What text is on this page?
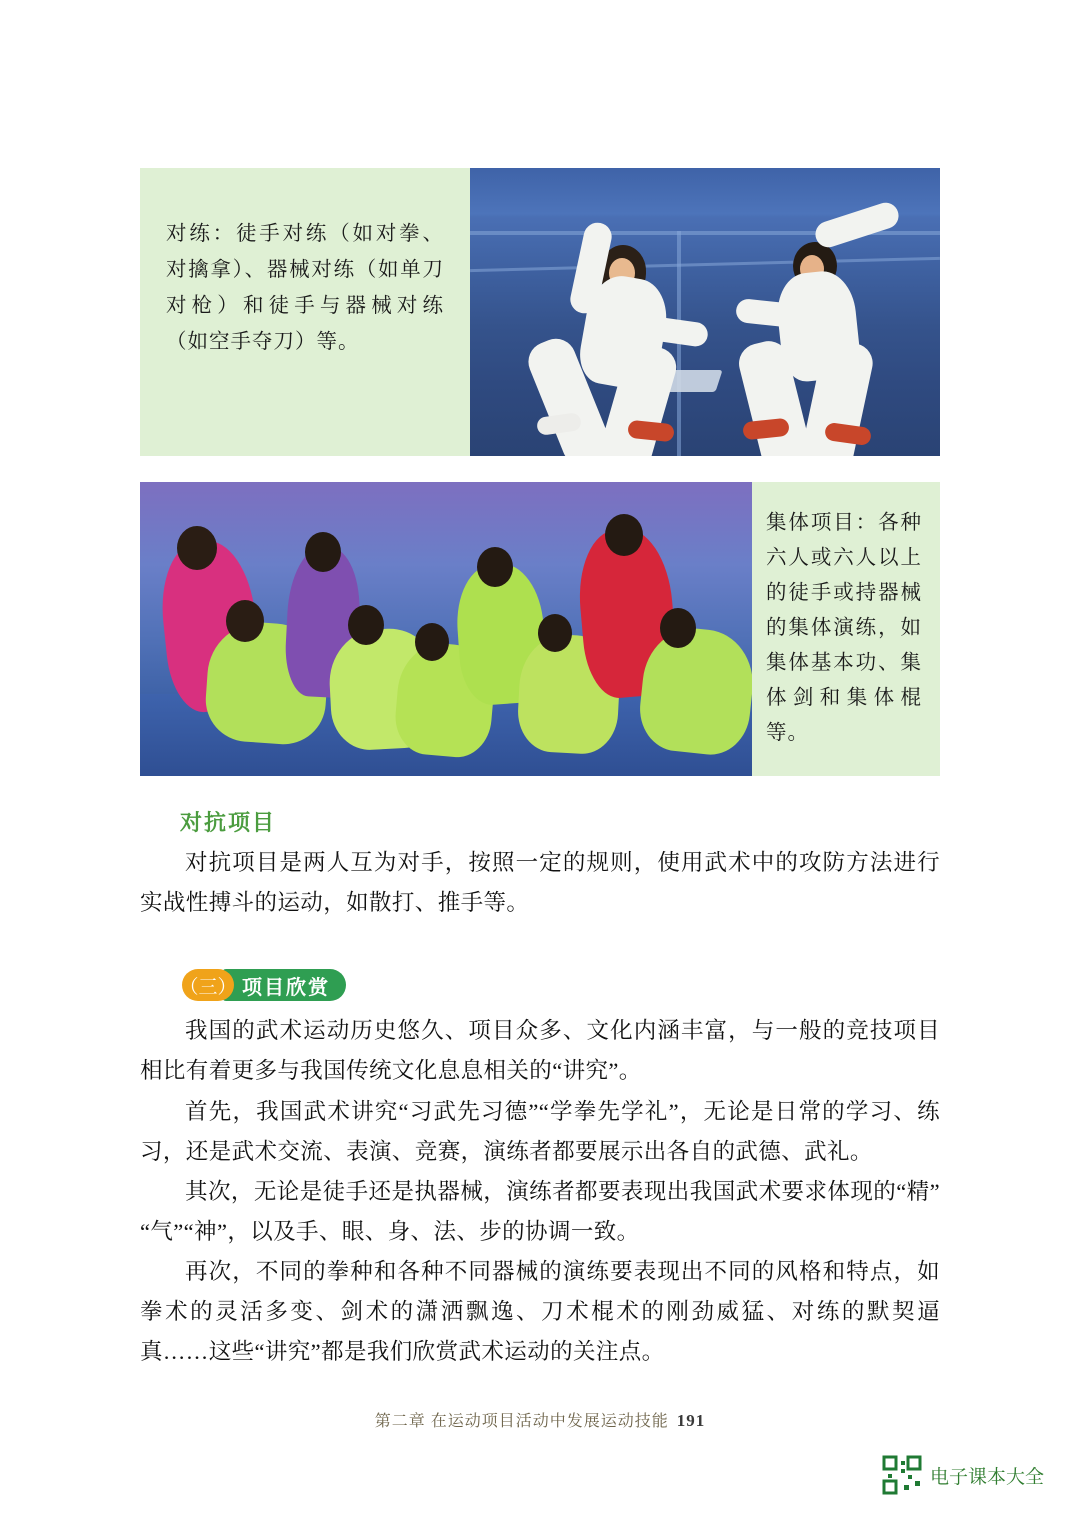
对练：徒手对练（如对拳、对擒拿）、器械对练（如单刀对枪）和徒手与器械对练（如空手夺刀）等。
集体项目：各种六人或六人以上的徒手或持器械的集体演练，如集体基本功、集体剑和集体棍等。
对抗项目
对抗项目是两人互为对手，按照一定的规则，使用武术中的攻防方法进行实战性搏斗的运动，如散打、推手等。
（三） 项目欣赏
我国的武术运动历史悠久、项目众多、文化内涵丰富，与一般的竞技项目相比有着更多与我国传统文化息息相关的“讲究”。
首先，我国武术讲究“习武先习德”“学拳先学礼”，无论是日常的学习、练习，还是武术交流、表演、竞赛，演练者都要展示出各自的武德、武礼。
其次，无论是徒手还是执器械，演练者都要表现出我国武术要求体现的“精”“气”“神”，以及手、眼、身、法、步的协调一致。
再次，不同的拳种和各种不同器械的演练要表现出不同的风格和特点，如拳术的灵活多变、剑术的潇洒飘逸、刀术棍术的刚劲威猛、对练的默契逼真……这些“讲究”都是我们欣赏武术运动的关注点。
第二章 在运动项目活动中发展运动技能 191
电子课本大全
